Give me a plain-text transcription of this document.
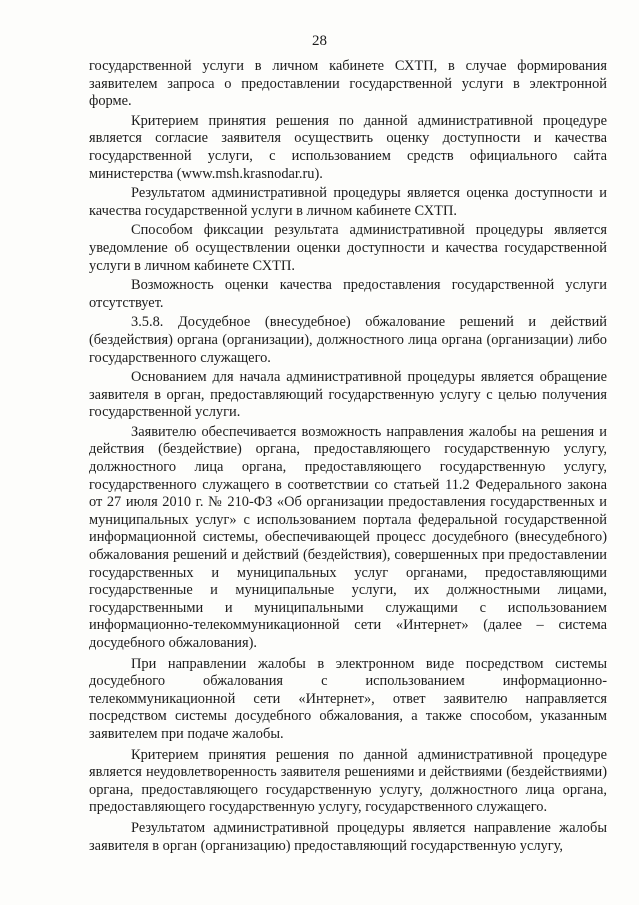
28

государственной услуги в личном кабинете СХТП, в случае формирования заявителем запроса о предоставлении государственной услуги в электронной форме.

Критерием принятия решения по данной административной процедуре является согласие заявителя осуществить оценку доступности и качества государственной услуги, с использованием средств официального сайта министерства (www.msh.krasnodar.ru).

Результатом административной процедуры является оценка доступности и качества государственной услуги в личном кабинете СХТП.

Способом фиксации результата административной процедуры является уведомление об осуществлении оценки доступности и качества государственной услуги в личном кабинете СХТП.

Возможность оценки качества предоставления государственной услуги отсутствует.

3.5.8. Досудебное (внесудебное) обжалование решений и действий (бездействия) органа (организации), должностного лица органа (организации) либо государственного служащего.

Основанием для начала административной процедуры является обращение заявителя в орган, предоставляющий государственную услугу с целью получения государственной услуги.

Заявителю обеспечивается возможность направления жалобы на решения и действия (бездействие) органа, предоставляющего государственную услугу, должностного лица органа, предоставляющего государственную услугу, государственного служащего в соответствии со статьей 11.2 Федерального закона от 27 июля 2010 г. № 210-ФЗ «Об организации предоставления государственных и муниципальных услуг» с использованием портала федеральной государственной информационной системы, обеспечивающей процесс досудебного (внесудебного) обжалования решений и действий (бездействия), совершенных при предоставлении государственных и муниципальных услуг органами, предоставляющими государственные и муниципальные услуги, их должностными лицами, государственными и муниципальными служащими с использованием информационно-телекоммуникационной сети «Интернет» (далее – система досудебного обжалования).

При направлении жалобы в электронном виде посредством системы досудебного обжалования с использованием информационно-телекоммуникационной сети «Интернет», ответ заявителю направляется посредством системы досудебного обжалования, а также способом, указанным заявителем при подаче жалобы.

Критерием принятия решения по данной административной процедуре является неудовлетворенность заявителя решениями и действиями (бездействиями) органа, предоставляющего государственную услугу, должностного лица органа, предоставляющего государственную услугу, государственного служащего.

Результатом административной процедуры является направление жалобы заявителя в орган (организацию) предоставляющий государственную услугу,
